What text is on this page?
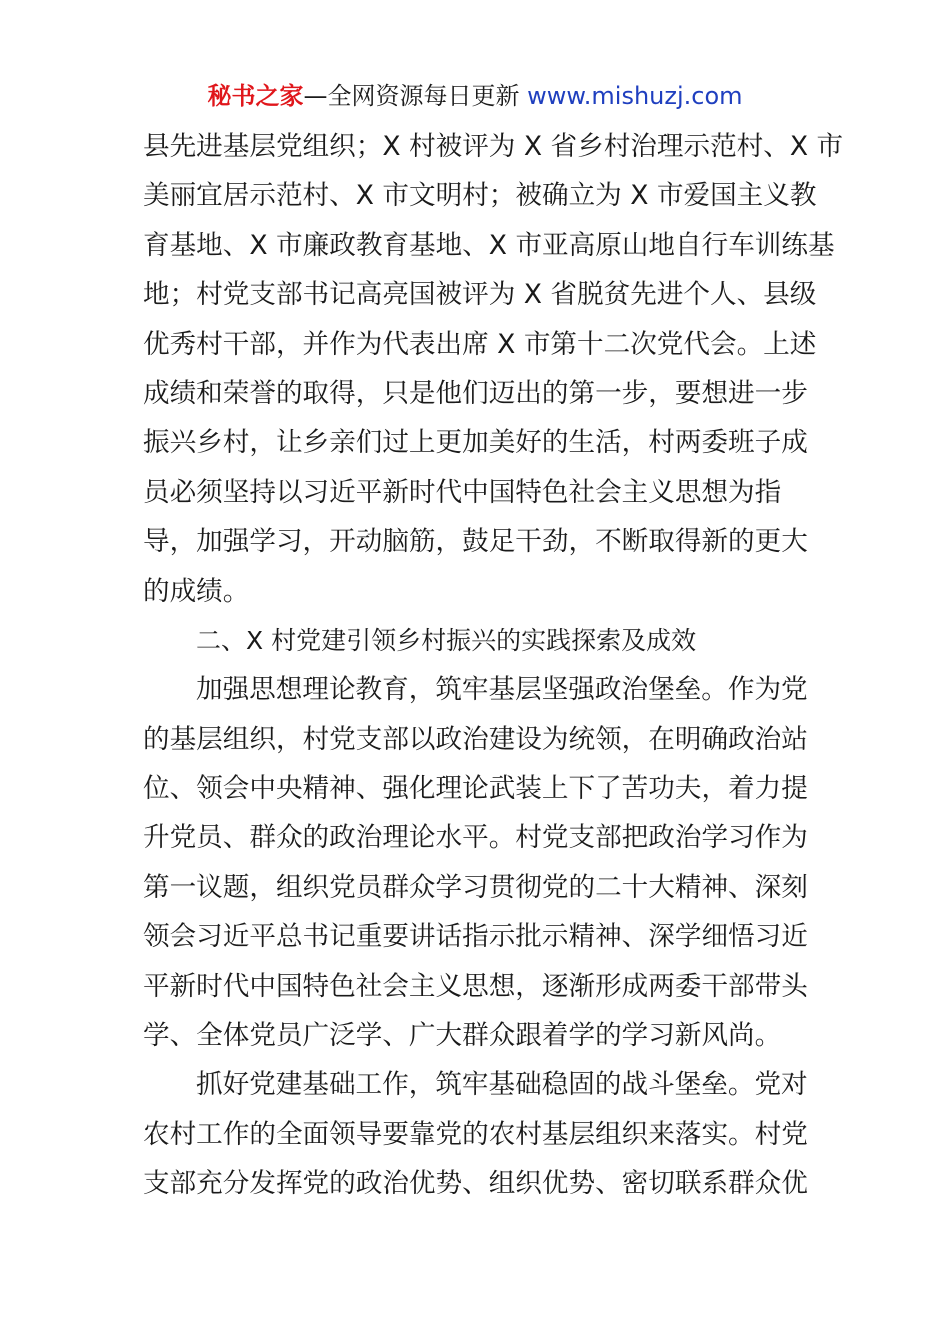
秘书之家—全网资源每日更新 www.mishuzj.com
县先进基层党组织；X 村被评为 X 省乡村治理示范村、X 市
美丽宜居示范村、X 市文明村；被确立为 X 市爱国主义教
育基地、X 市廉政教育基地、X 市亚高原山地自行车训练基
地；村党支部书记高亮国被评为 X 省脱贫先进个人、县级
优秀村干部，并作为代表出席 X 市第十二次党代会。上述
成绩和荣誉的取得，只是他们迈出的第一步，要想进一步
振兴乡村，让乡亲们过上更加美好的生活，村两委班子成
员必须坚持以习近平新时代中国特色社会主义思想为指
导，加强学习，开动脑筋，鼓足干劲，不断取得新的更大
的成绩。
二、X 村党建引领乡村振兴的实践探索及成效
加强思想理论教育，筑牢基层坚强政治堡垒。作为党
的基层组织，村党支部以政治建设为统领，在明确政治站
位、领会中央精神、强化理论武装上下了苦功夫，着力提
升党员、群众的政治理论水平。村党支部把政治学习作为
第一议题，组织党员群众学习贯彻党的二十大精神、深刻
领会习近平总书记重要讲话指示批示精神、深学细悟习近
平新时代中国特色社会主义思想，逐渐形成两委干部带头
学、全体党员广泛学、广大群众跟着学的学习新风尚。
抓好党建基础工作，筑牢基础稳固的战斗堡垒。党对
农村工作的全面领导要靠党的农村基层组织来落实。村党
支部充分发挥党的政治优势、组织优势、密切联系群众优
